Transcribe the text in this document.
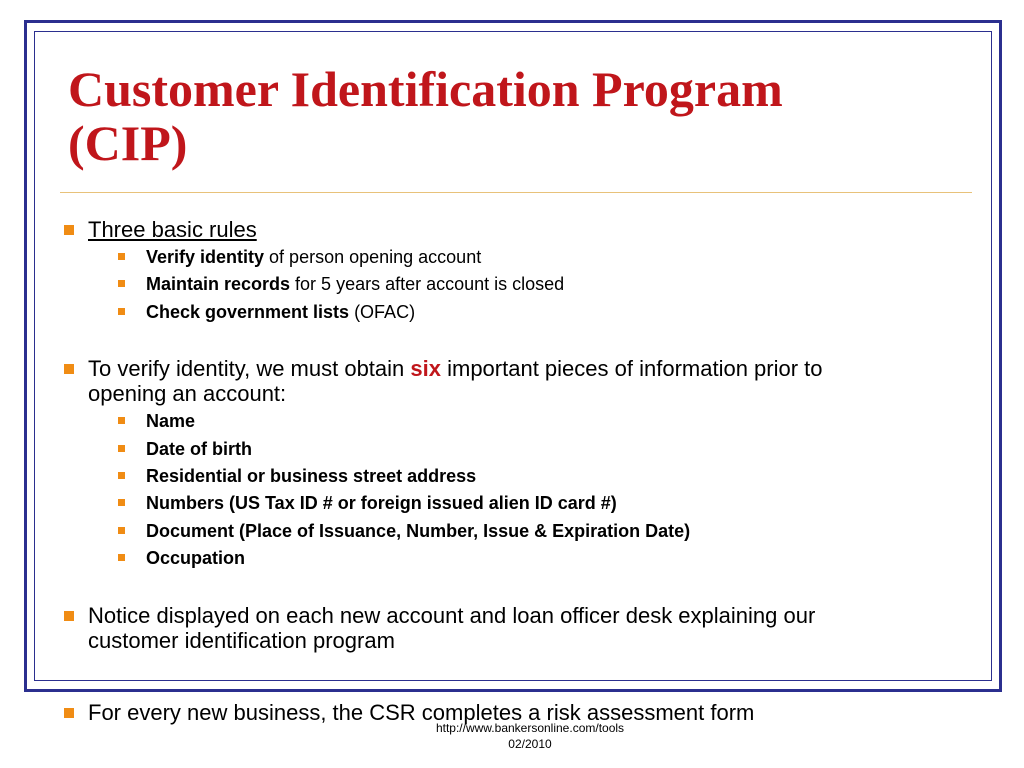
Customer Identification Program
(CIP)
Three basic rules
Verify identity of person opening account
Maintain records for 5 years after account is closed
Check government lists (OFAC)
To verify identity, we must obtain six important pieces of information prior to
opening an account:
Name
Date of birth
Residential or business street address
Numbers (US Tax ID # or foreign issued alien ID card #)
Document (Place of Issuance, Number, Issue & Expiration Date)
Occupation
Notice displayed on each new account and loan officer desk explaining our
customer identification program
For every new business, the CSR completes a risk assessment form
http://www.bankersonline.com/tools
02/2010
